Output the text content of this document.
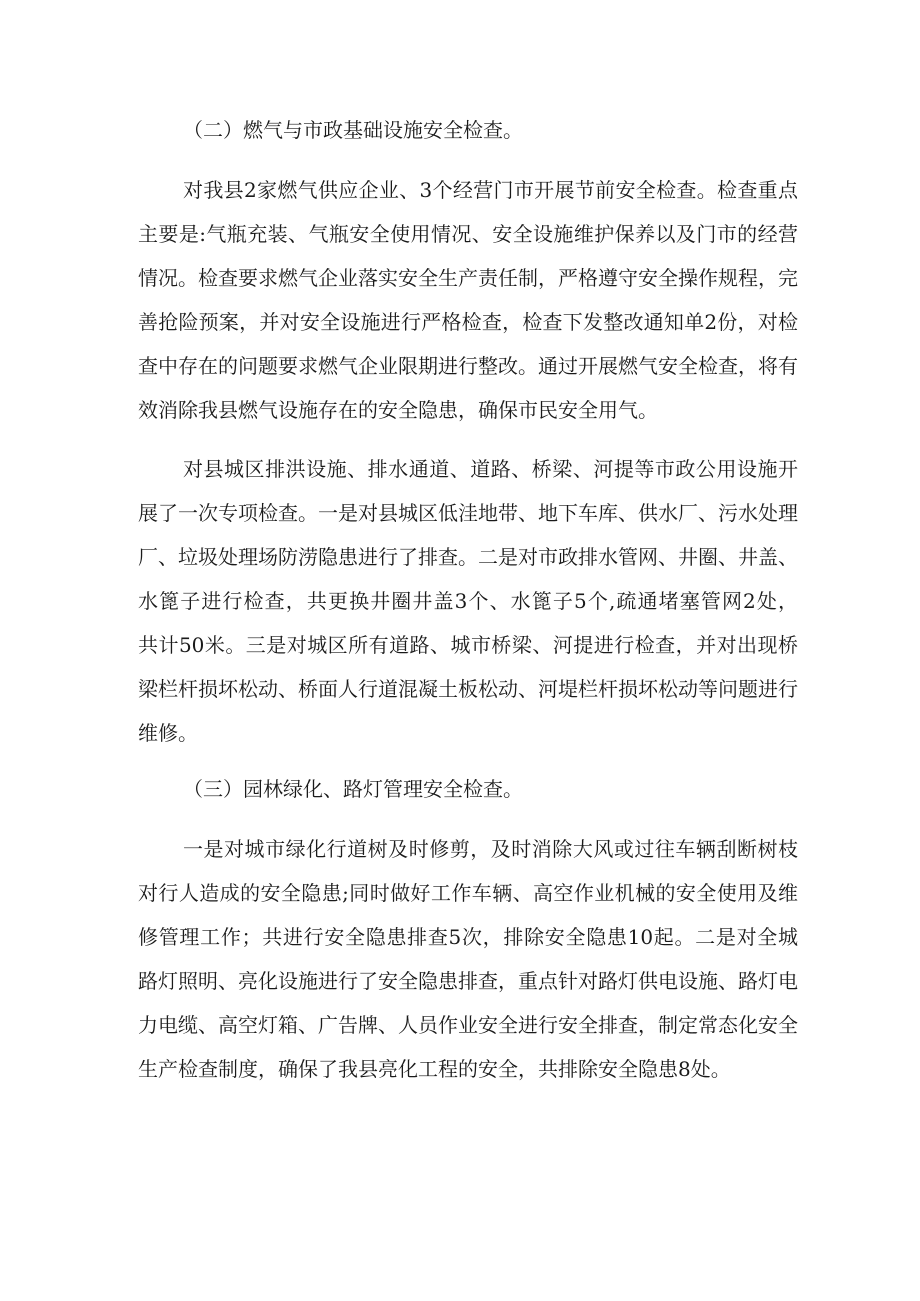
（二）燃气与市政基础设施安全检查。
对我县2家燃气供应企业、3个经营门市开展节前安全检查。检查重点
主要是:气瓶充装、气瓶安全使用情况、安全设施维护保养以及门市的经营
情况。检查要求燃气企业落实安全生产责任制，严格遵守安全操作规程，完
善抢险预案，并对安全设施进行严格检查，检查下发整改通知单2份，对检
查中存在的问题要求燃气企业限期进行整改。通过开展燃气安全检查，将有
效消除我县燃气设施存在的安全隐患，确保市民安全用气。
对县城区排洪设施、排水通道、道路、桥梁、河提等市政公用设施开
展了一次专项检查。一是对县城区低洼地带、地下车库、供水厂、污水处理
厂、垃圾处理场防涝隐患进行了排查。二是对市政排水管网、井圈、井盖、
水篦子进行检查，共更换井圈井盖3个、水篦子5个,疏通堵塞管网2处，
共计50米。三是对城区所有道路、城市桥梁、河提进行检查，并对出现桥
梁栏杆损坏松动、桥面人行道混凝土板松动、河堤栏杆损坏松动等问题进行
维修。
（三）园林绿化、路灯管理安全检查。
一是对城市绿化行道树及时修剪，及时消除大风或过往车辆刮断树枝
对行人造成的安全隐患;同时做好工作车辆、高空作业机械的安全使用及维
修管理工作；共进行安全隐患排查5次，排除安全隐患10起。二是对全城
路灯照明、亮化设施进行了安全隐患排查，重点针对路灯供电设施、路灯电
力电缆、高空灯箱、广告牌、人员作业安全进行安全排查，制定常态化安全
生产检查制度，确保了我县亮化工程的安全，共排除安全隐患8处。
